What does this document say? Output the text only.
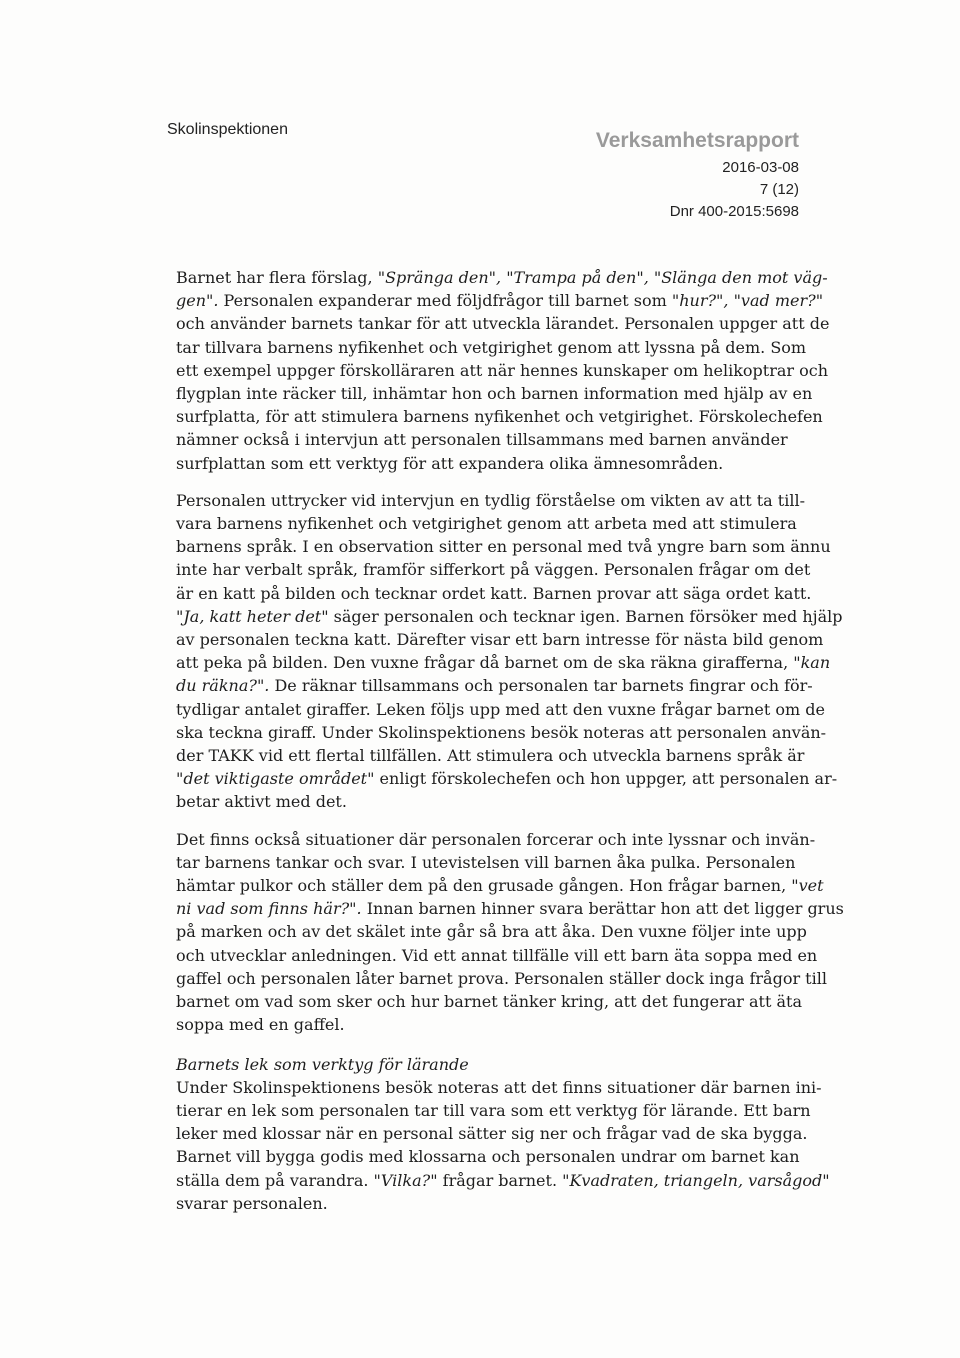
Skolinspektionen	Verksamhetsrapport
2016-03-08
7 (12)
Dnr 400-2015:5698
Barnet har flera förslag, "Spränga den", "Trampa på den", "Slänga den mot väg-
gen". Personalen expanderar med följdfrågor till barnet som "hur?", "vad mer?"
och använder barnets tankar för att utveckla lärandet. Personalen uppger att de
tar tillvara barnens nyfikenhet och vetgirighet genom att lyssna på dem. Som
ett exempel uppger förskolläraren att när hennes kunskaper om helikoptrar och
flygplan inte räcker till, inhämtar hon och barnen information med hjälp av en
surfplatta, för att stimulera barnens nyfikenhet och vetgirighet. Förskolechefen
nämner också i intervjun att personalen tillsammans med barnen använder
surfplattan som ett verktyg för att expandera olika ämnesområden.
Personalen uttrycker vid intervjun en tydlig förståelse om vikten av att ta till-
vara barnens nyfikenhet och vetgirighet genom att arbeta med att stimulera
barnens språk. I en observation sitter en personal med två yngre barn som ännu
inte har verbalt språk, framför sifferkort på väggen. Personalen frågar om det
är en katt på bilden och tecknar ordet katt. Barnen provar att säga ordet katt.
"Ja, katt heter det" säger personalen och tecknar igen. Barnen försöker med hjälp
av personalen teckna katt. Därefter visar ett barn intresse för nästa bild genom
att peka på bilden. Den vuxne frågar då barnet om de ska räkna girafferna, "kan
du räkna?". De räknar tillsammans och personalen tar barnets fingrar och för-
tydligar antalet giraffer. Leken följs upp med att den vuxne frågar barnet om de
ska teckna giraff. Under Skolinspektionens besök noteras att personalen använ-
der TAKK vid ett flertal tillfällen. Att stimulera och utveckla barnens språk är
"det viktigaste området" enligt förskolechefen och hon uppger, att personalen ar-
betar aktivt med det.
Det finns också situationer där personalen forcerar och inte lyssnar och invän-
tar barnens tankar och svar. I utevistelsen vill barnen åka pulka. Personalen
hämtar pulkor och ställer dem på den grusade gången. Hon frågar barnen, "vet
ni vad som finns här?". Innan barnen hinner svara berättar hon att det ligger grus
på marken och av det skälet inte går så bra att åka. Den vuxne följer inte upp
och utvecklar anledningen. Vid ett annat tillfälle vill ett barn äta soppa med en
gaffel och personalen låter barnet prova. Personalen ställer dock inga frågor till
barnet om vad som sker och hur barnet tänker kring, att det fungerar att äta
soppa med en gaffel.
Barnets lek som verktyg för lärande
Under Skolinspektionens besök noteras att det finns situationer där barnen ini-
tierar en lek som personalen tar till vara som ett verktyg för lärande. Ett barn
leker med klossar när en personal sätter sig ner och frågar vad de ska bygga.
Barnet vill bygga godis med klossarna och personalen undrar om barnet kan
ställa dem på varandra. "Vilka?" frågar barnet. "Kvadraten, triangeln, varsågod"
svarar personalen.
